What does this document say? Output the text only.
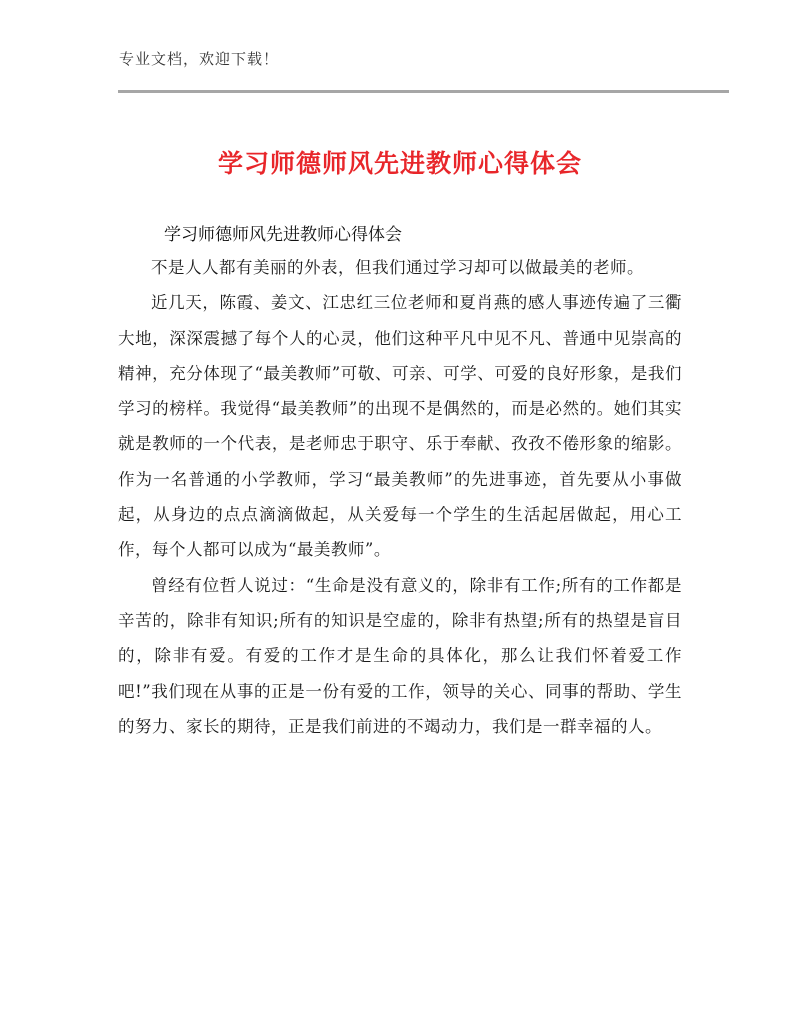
专业文档，欢迎下载！
学习师德师风先进教师心得体会

学习师德师风先进教师心得体会

不是人人都有美丽的外表，但我们通过学习却可以做最美的老师。

近几天，陈霞、姜文、江忠红三位老师和夏肖燕的感人事迹传遍了三衢大地，深深震撼了每个人的心灵，他们这种平凡中见不凡、普通中见崇高的精神，充分体现了“最美教师”可敬、可亲、可学、可爱的良好形象，是我们学习的榜样。我觉得“最美教师”的出现不是偶然的，而是必然的。她们其实就是教师的一个代表，是老师忠于职守、乐于奉献、孜孜不倦形象的缩影。作为一名普通的小学教师，学习“最美教师”的先进事迹，首先要从小事做起，从身边的点点滴滴做起，从关爱每一个学生的生活起居做起，用心工作，每个人都可以成为“最美教师”。

曾经有位哲人说过：“生命是没有意义的，除非有工作;所有的工作都是辛苦的，除非有知识;所有的知识是空虚的，除非有热望;所有的热望是盲目的，除非有爱。有爱的工作才是生命的具体化，那么让我们怀着爱工作吧!”我们现在从事的正是一份有爱的工作，领导的关心、同事的帮助、学生的努力、家长的期待，正是我们前进的不竭动力，我们是一群幸福的人。
